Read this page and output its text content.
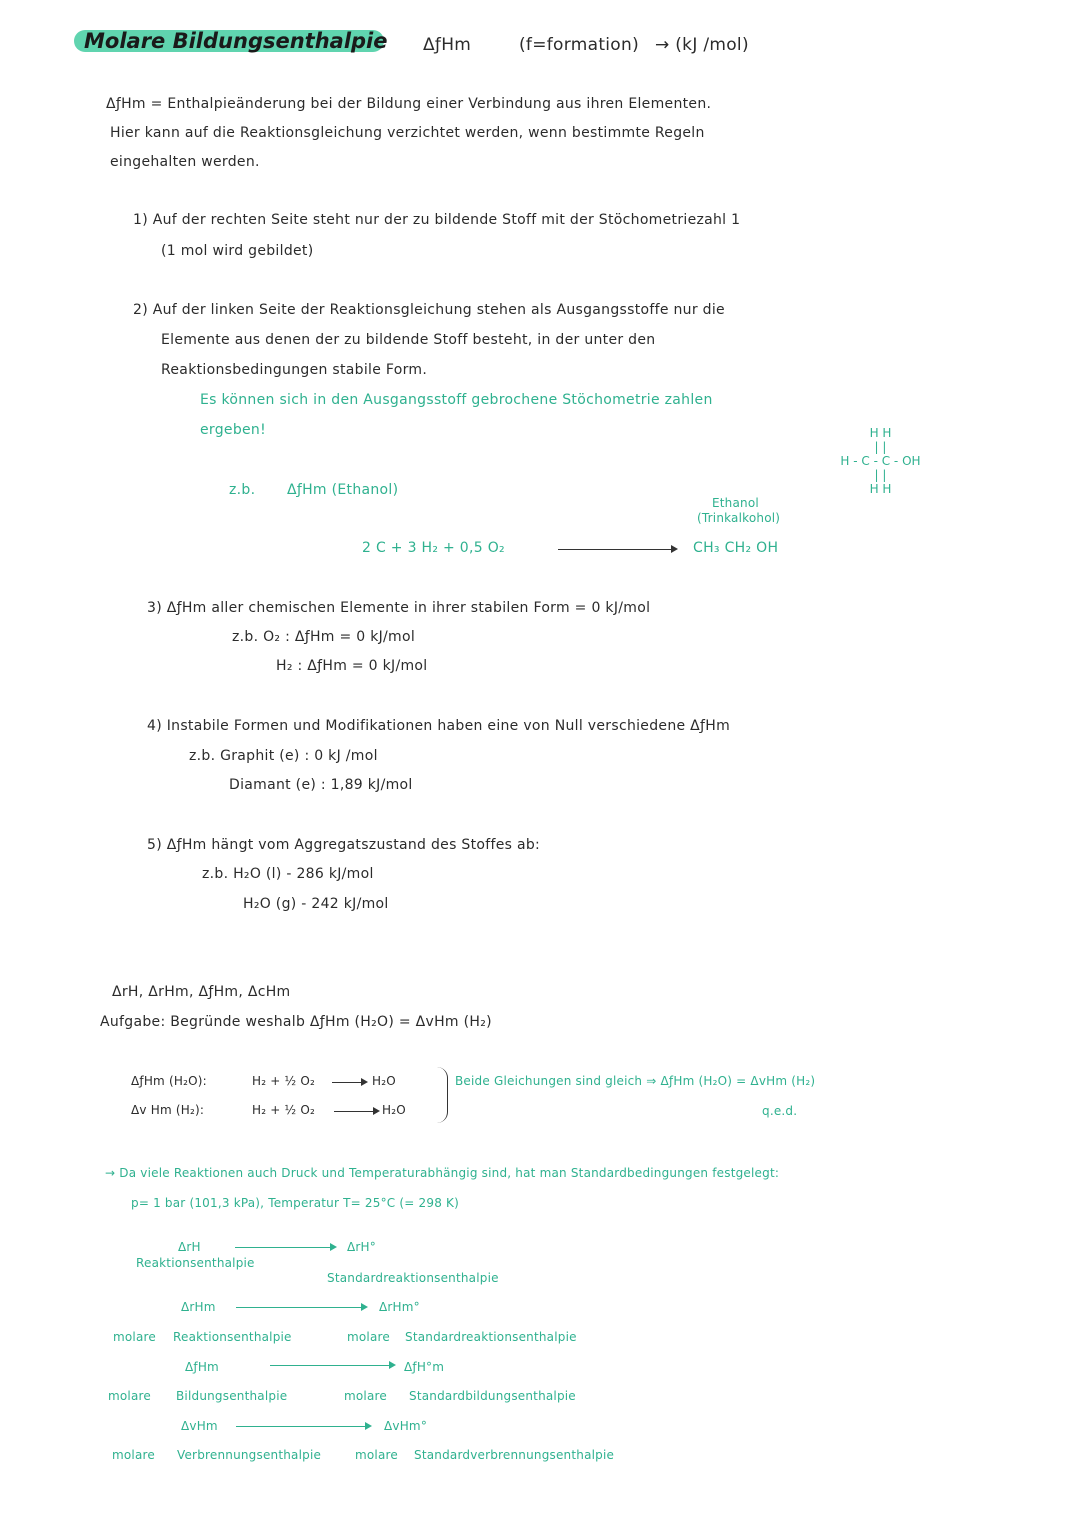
Molare Bildungsenthalpie ΔƒHm	(f=formation) → (kJ /mol)
ΔƒHm = Enthalpieänderung bei der Bildung einer Verbindung aus ihren Elementen.
Hier kann auf die Reaktionsgleichung verzichtet werden, wenn bestimmte Regeln
eingehalten werden.
1) Auf der rechten Seite steht nur der zu bildende Stoff mit der Stöchometriezahl 1
(1 mol wird gebildet)
2) Auf der linken Seite der Reaktionsgleichung stehen als Ausgangsstoffe nur die
Elemente aus denen der zu bildende Stoff besteht, in der unter den
Reaktionsbedingungen stabile Form.
Es können sich in den Ausgangsstoff gebrochene Stöchometrie zahlen
ergeben!	H H
| |
H - C - C - OH
| |
H H
z.b. ΔƒHm (Ethanol)
Ethanol
(Trinkalkohol)
2 C + 3 H₂ + 0,5 O₂	CH₃ CH₂ OH
3) ΔƒHm aller chemischen Elemente in ihrer stabilen Form = 0 kJ/mol
z.b. O₂ : ΔƒHm = 0 kJ/mol
H₂ : ΔƒHm = 0 kJ/mol
4) Instabile Formen und Modifikationen haben eine von Null verschiedene ΔƒHm
z.b. Graphit (e) : 0 kJ /mol
Diamant (e) : 1,89 kJ/mol
5) ΔƒHm hängt vom Aggregatszustand des Stoffes ab:
z.b. H₂O (l) - 286 kJ/mol
H₂O (g) - 242 kJ/mol
ΔrH, ΔrHm, ΔƒHm, ΔcHm
Aufgabe: Begründe weshalb ΔƒHm (H₂O) = ΔvHm (H₂)
ΔƒHm (H₂O):	H₂ + ½ O₂	H₂O
Δv Hm (H₂):	H₂ + ½ O₂	H₂O
Beide Gleichungen sind gleich ⇒ ΔƒHm (H₂O) = ΔvHm (H₂)
q.e.d.
→ Da viele Reaktionen auch Druck und Temperaturabhängig sind, hat man Standardbedingungen festgelegt:
p= 1 bar (101,3 kPa), Temperatur T= 25°C (= 298 K)
ΔrH
Reaktionsenthalpie
ΔrH°
Standardreaktionsenthalpie
ΔrHm	ΔrHm°
molare Reaktionsenthalpie	molare Standardreaktionsenthalpie
ΔƒHm	ΔƒH°m
molare Bildungsenthalpie	molare Standardbildungsenthalpie
ΔvHm	ΔvHm°
molare Verbrennungsenthalpie	molare Standardverbrennungsenthalpie
